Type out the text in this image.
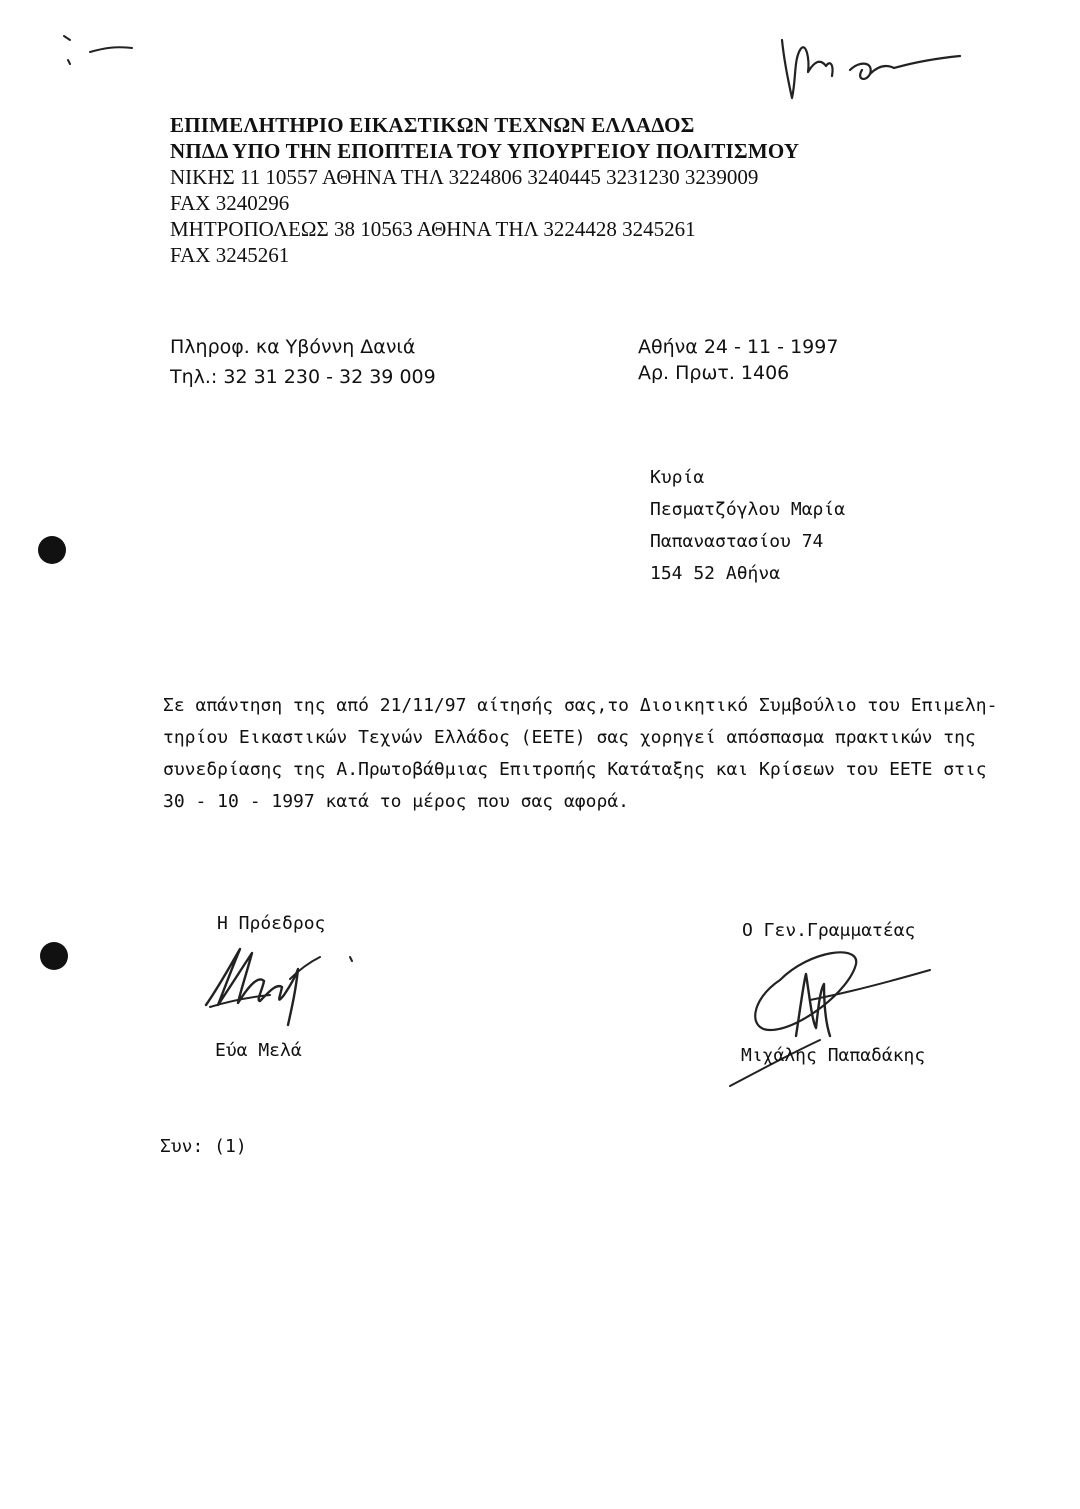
ΕΠΙΜΕΛΗΤΗΡΙΟ ΕΙΚΑΣΤΙΚΩΝ ΤΕΧΝΩΝ ΕΛΛΑΔΟΣ
ΝΠΔΔ ΥΠΟ ΤΗΝ ΕΠΟΠΤΕΙΑ ΤΟΥ ΥΠΟΥΡΓΕΙΟΥ ΠΟΛΙΤΙΣΜΟΥ
ΝΙΚΗΣ 11 10557 ΑΘΗΝΑ ΤΗΛ 3224806 3240445 3231230 3239009
FAX 3240296
ΜΗΤΡΟΠΟΛΕΩΣ 38 10563 ΑΘΗΝΑ ΤΗΛ 3224428 3245261
FAX 3245261
Πληροφ. κα Υβόννη Δανιά
Τηλ.: 32 31 230 - 32 39 009
Αθήνα 24 - 11 - 1997
Αρ. Πρωτ. 1406
Κυρία
Πεσματζόγλου Μαρία
Παπαναστασίου 74
154 52 Αθήνα
Σε απάντηση της από 21/11/97 αίτησής σας,το Διοικητικό Συμβούλιο του Επιμελη-
τηρίου Εικαστικών Τεχνών Ελλάδος (ΕΕΤΕ) σας χορηγεί απόσπασμα πρακτικών της
συνεδρίασης της Α.Πρωτοβάθμιας Επιτροπής Κατάταξης και Κρίσεων του ΕΕΤΕ στις
30 - 10 - 1997 κατά το μέρος που σας αφορά.
Η Πρόεδρος
Εύα Μελά
Ο Γεν.Γραμματέας
Μιχάλης Παπαδάκης
Συν: (1)
